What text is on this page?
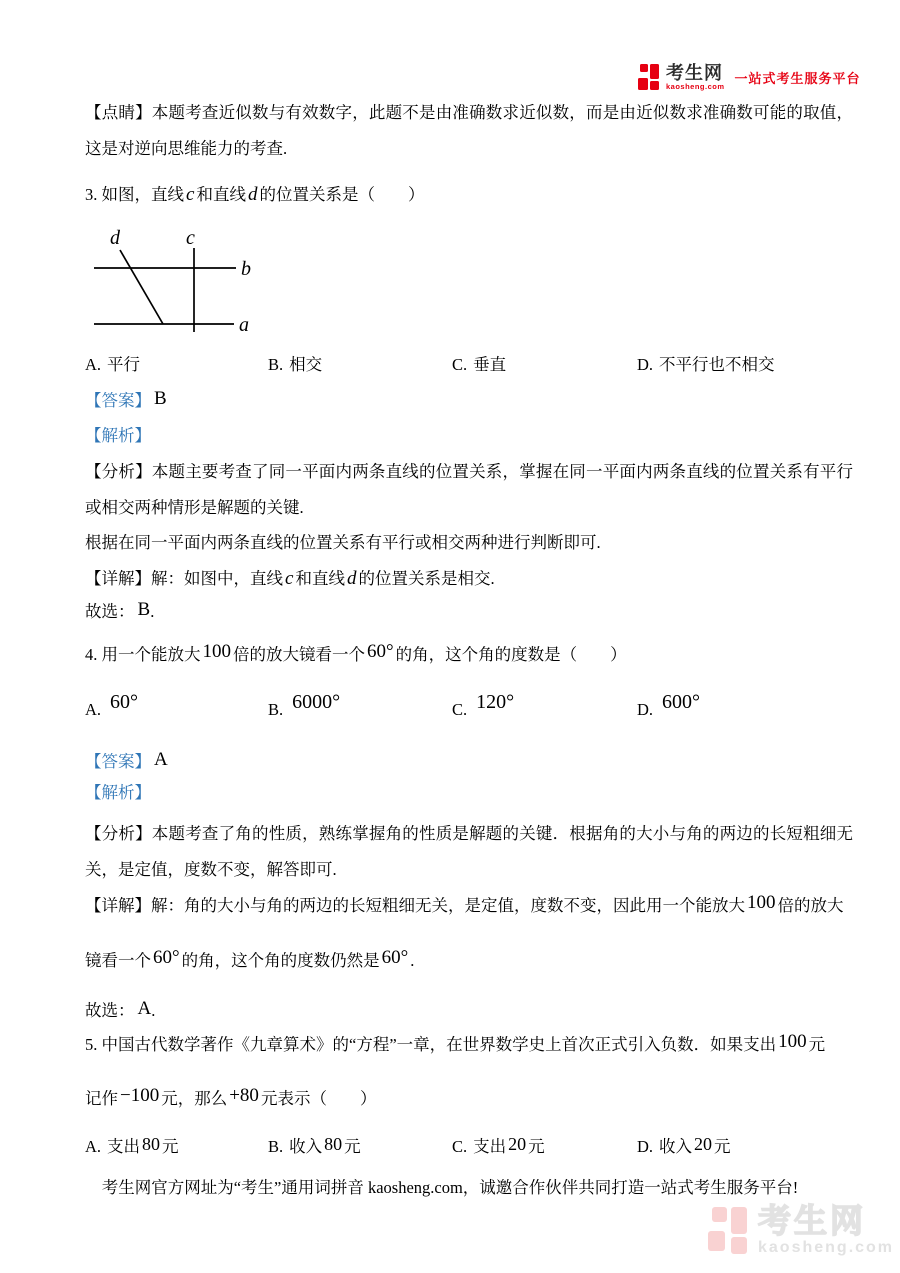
考生网
kaosheng.com
一站式考生服务平台
【点睛】本题考查近似数与有效数字，此题不是由准确数求近似数，而是由近似数求准确数可能的取值，这是对逆向思维能力的考查.
3. 如图，直线 c 和直线 d 的位置关系是（　　）
d	c
b
a
A. 平行	B. 相交	C. 垂直	D. 不平行也不相交
【答案】 B
【解析】
【分析】本题主要考查了同一平面内两条直线的位置关系，掌握在同一平面内两条直线的位置关系有平行或相交两种情形是解题的关键.
根据在同一平面内两条直线的位置关系有平行或相交两种进行判断即可.
【详解】解：如图中，直线 c 和直线 d 的位置关系是相交.
故选： B.
4. 用一个能放大 100 倍的放大镜看一个 60° 的角，这个角的度数是（　　）
A. 60°	B. 6000°	C. 120°	D. 600°
【答案】 A
【解析】
【分析】本题考查了角的性质，熟练掌握角的性质是解题的关键．根据角的大小与角的两边的长短粗细无关，是定值，度数不变，解答即可.
【详解】解：角的大小与角的两边的长短粗细无关，是定值，度数不变，因此用一个能放大 100 倍的放大
镜看一个 60° 的角，这个角的度数仍然是 60° .
故选： A.
5. 中国古代数学著作《九章算术》的“方程”一章，在世界数学史上首次正式引入负数．如果支出 100 元
记作 −100 元，那么 +80 元表示（　　）
A. 支出 80 元	B. 收入 80 元	C. 支出 20 元	D. 收入 20 元
考生网官方网址为“考生”通用词拼音 kaosheng.com，诚邀合作伙伴共同打造一站式考生服务平台!
考生网
kaosheng.com
